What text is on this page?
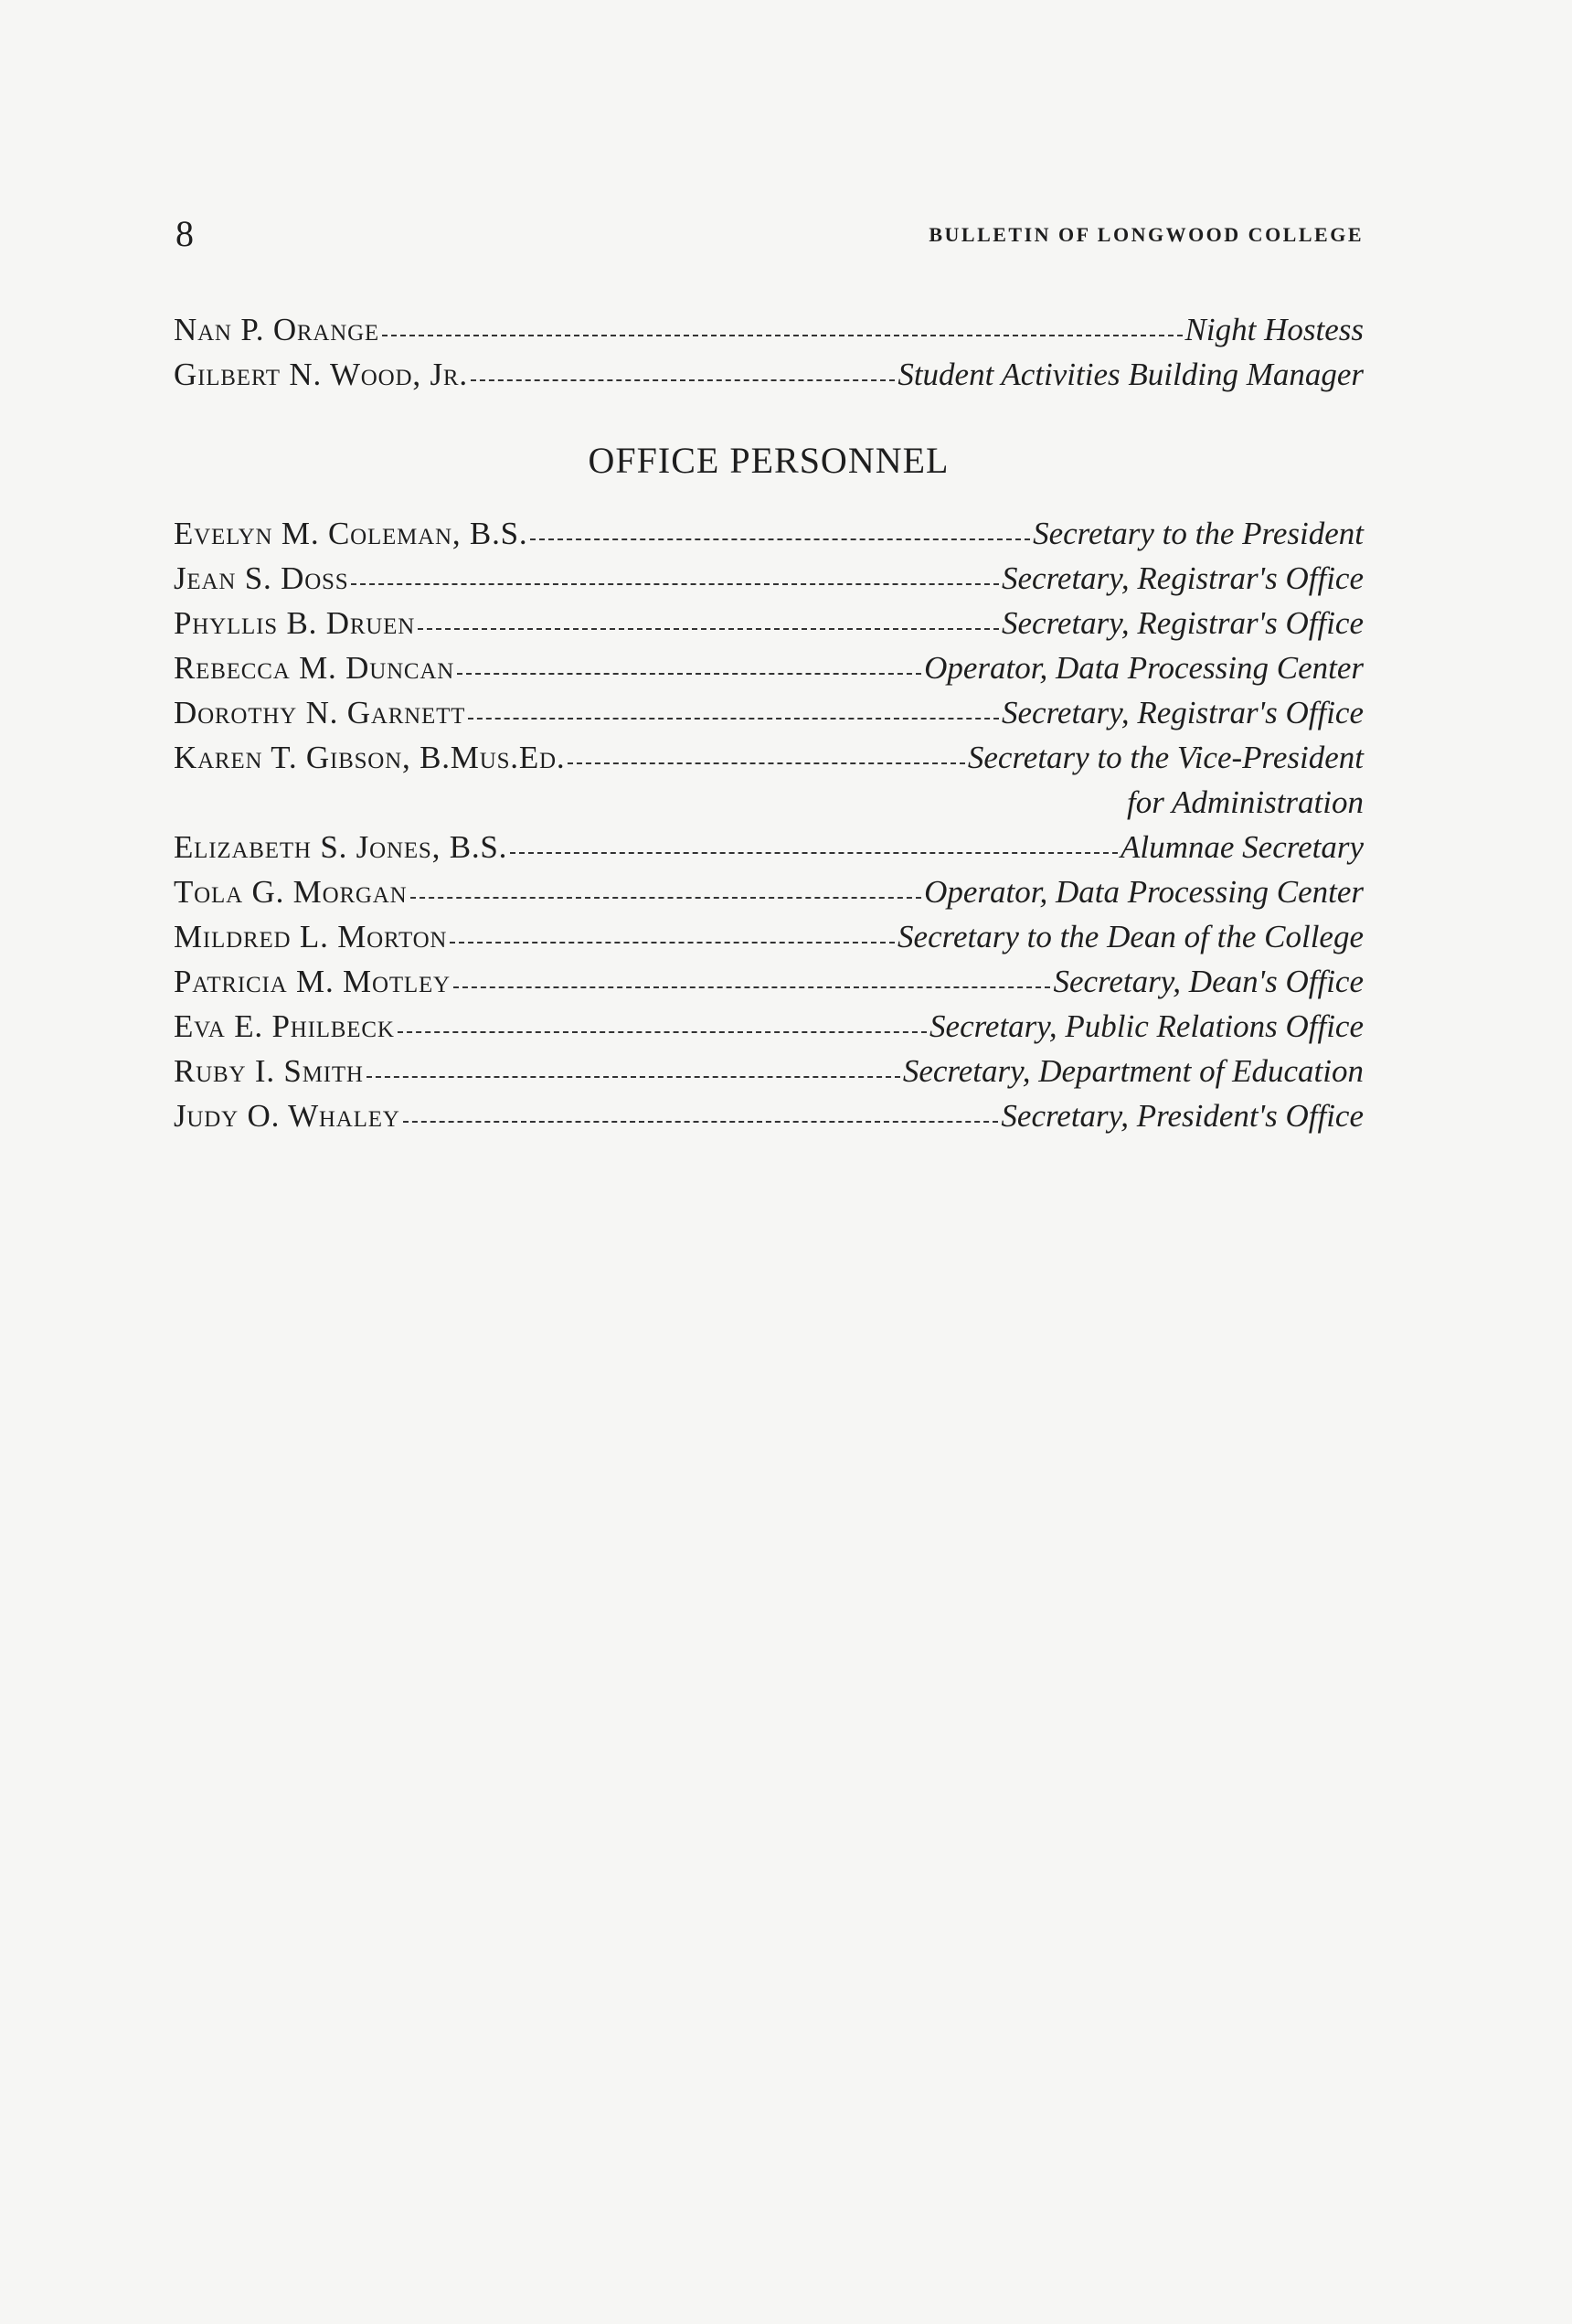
8	BULLETIN OF LONGWOOD COLLEGE
Nan P. Orange	Night Hostess
Gilbert N. Wood, Jr.	Student Activities Building Manager
OFFICE PERSONNEL
Evelyn M. Coleman, B.S.	Secretary to the President
Jean S. Doss	Secretary, Registrar's Office
Phyllis B. Druen	Secretary, Registrar's Office
Rebecca M. Duncan	Operator, Data Processing Center
Dorothy N. Garnett	Secretary, Registrar's Office
Karen T. Gibson, B.Mus.Ed.	Secretary to the Vice-President
for Administration
Elizabeth S. Jones, B.S.	Alumnae Secretary
Tola G. Morgan	Operator, Data Processing Center
Mildred L. Morton	Secretary to the Dean of the College
Patricia M. Motley	Secretary, Dean's Office
Eva E. Philbeck	Secretary, Public Relations Office
Ruby I. Smith	Secretary, Department of Education
Judy O. Whaley	Secretary, President's Office
